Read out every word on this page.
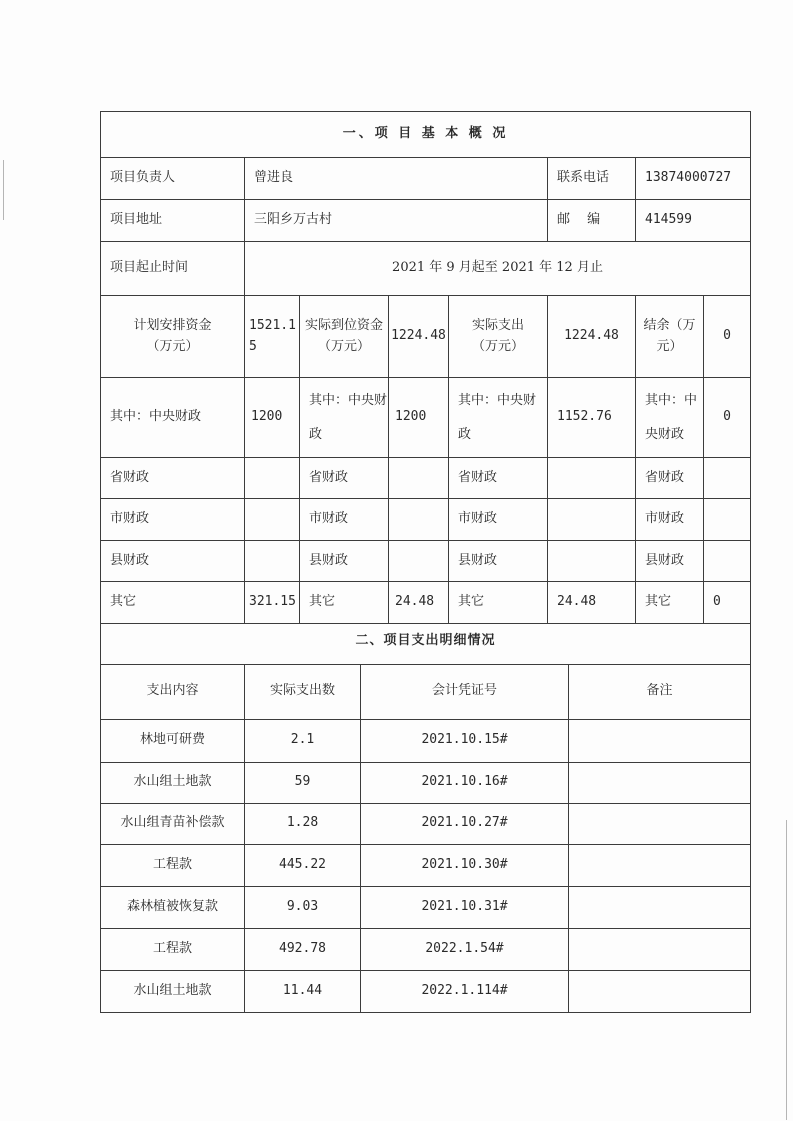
一、项 目 基 本 概 况							
项目负责人	曾进良				联系电话	13874000727	
项目地址	三阳乡万古村				邮　 编	414599	
项目起止时间	2021 年 9 月起至 2021 年 12 月止						
计划安排资金（万元）	1521.15	实际到位资金（万元）	1224.48	实际支出（万元）	1224.48	结余（万元）	0
其中：中央财政	1200	其中：中央财政	1200	其中：中央财政	1152.76	其中：中央财政	0
省财政		省财政		省财政		省财政	
市财政		市财政		市财政		市财政	
县财政		县财政		县财政		县财政	
其它	321.15	其它	24.48	其它	24.48	其它	0
二、项目支出明细情况			
支出内容	实际支出数	会计凭证号	备注
林地可研费	2.1	2021.10.15#	
水山组土地款	59	2021.10.16#	
水山组青苗补偿款	1.28	2021.10.27#	
工程款	445.22	2021.10.30#	
森林植被恢复款	9.03	2021.10.31#	
工程款	492.78	2022.1.54#	
水山组土地款	11.44	2022.1.114#	
